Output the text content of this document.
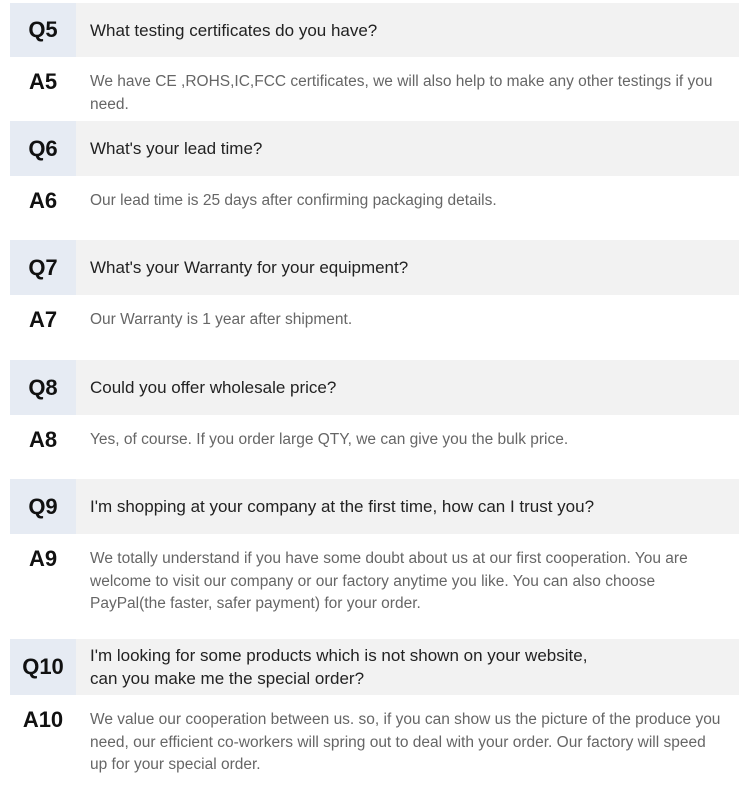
Q5	What testing certificates do you have?
A5	We have CE ,ROHS,IC,FCC certificates, we will also help to make any other testings if you need.
Q6	What's your lead time?
A6	Our lead time is 25 days after confirming packaging details.
Q7	What's your Warranty for your equipment?
A7	Our Warranty is 1 year after shipment.
Q8	Could you offer wholesale price?
A8	Yes, of course. If you order large QTY, we can give you the bulk price.
Q9	I'm shopping at your company at the first time, how can I trust you?
A9	We totally understand if you have some doubt about us at our first cooperation. You are welcome to visit our company or our factory anytime you like. You can also choose PayPal(the faster, safer payment) for your order.
Q10	I'm looking for some products which is not shown on your website,
can you make me the special order?
A10	We value our cooperation between us. so, if you can show us the picture of the produce you need, our efficient co-workers will spring out to deal with your order. Our factory will speed up for your special order.
